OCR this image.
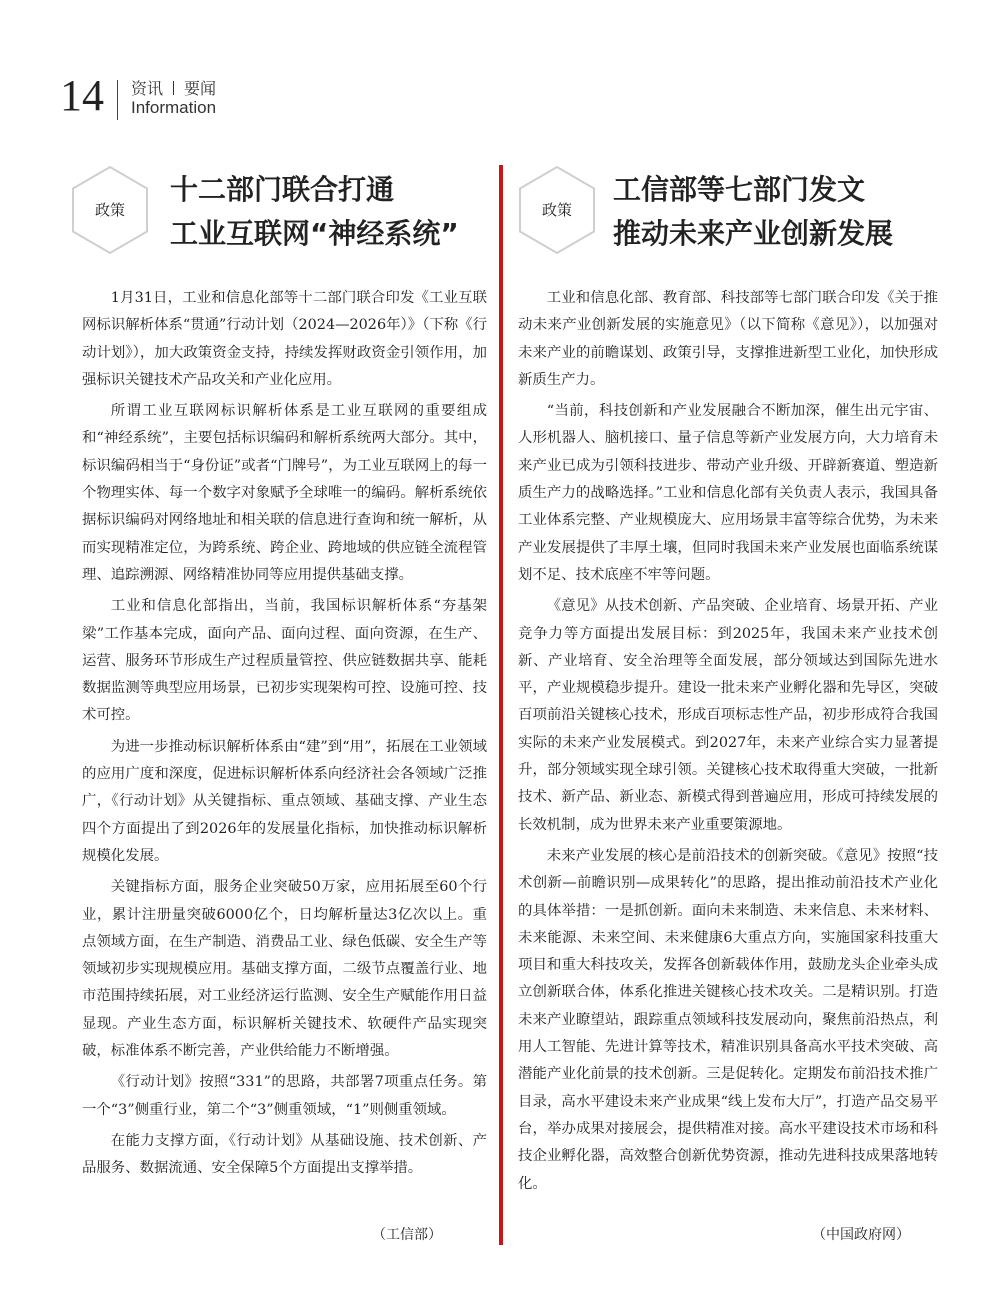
14 资讯 要闻
Information
政策
十二部门联合打通
工业互联网“神经系统”

1月31日，工业和信息化部等十二部门联合印发《工业互联网标识解析体系“贯通”行动计划（2024—2026年）》（下称《行动计划》），加大政策资金支持，持续发挥财政资金引领作用，加强标识关键技术产品攻关和产业化应用。

所谓工业互联网标识解析体系是工业互联网的重要组成和“神经系统”，主要包括标识编码和解析系统两大部分。其中，标识编码相当于“身份证”或者“门牌号”，为工业互联网上的每一个物理实体、每一个数字对象赋予全球唯一的编码。解析系统依据标识编码对网络地址和相关联的信息进行查询和统一解析，从而实现精准定位，为跨系统、跨企业、跨地域的供应链全流程管理、追踪溯源、网络精准协同等应用提供基础支撑。

工业和信息化部指出，当前，我国标识解析体系“夯基架梁”工作基本完成，面向产品、面向过程、面向资源，在生产、运营、服务环节形成生产过程质量管控、供应链数据共享、能耗数据监测等典型应用场景，已初步实现架构可控、设施可控、技术可控。

为进一步推动标识解析体系由“建”到“用”，拓展在工业领域的应用广度和深度，促进标识解析体系向经济社会各领域广泛推广，《行动计划》从关键指标、重点领域、基础支撑、产业生态四个方面提出了到2026年的发展量化指标，加快推动标识解析规模化发展。

关键指标方面，服务企业突破50万家，应用拓展至60个行业，累计注册量突破6000亿个，日均解析量达3亿次以上。重点领域方面，在生产制造、消费品工业、绿色低碳、安全生产等领域初步实现规模应用。基础支撑方面，二级节点覆盖行业、地市范围持续拓展，对工业经济运行监测、安全生产赋能作用日益显现。产业生态方面，标识解析关键技术、软硬件产品实现突破，标准体系不断完善，产业供给能力不断增强。

《行动计划》按照“331”的思路，共部署7项重点任务。第一个“3”侧重行业，第二个“3”侧重领域，“1”则侧重领域。

在能力支撑方面，《行动计划》从基础设施、技术创新、产品服务、数据流通、安全保障5个方面提出支撑举措。

（工信部）
政策
工信部等七部门发文
推动未来产业创新发展

工业和信息化部、教育部、科技部等七部门联合印发《关于推动未来产业创新发展的实施意见》（以下简称《意见》），以加强对未来产业的前瞻谋划、政策引导，支撑推进新型工业化，加快形成新质生产力。

“当前，科技创新和产业发展融合不断加深，催生出元宇宙、人形机器人、脑机接口、量子信息等新产业发展方向，大力培育未来产业已成为引领科技进步、带动产业升级、开辟新赛道、塑造新质生产力的战略选择。”工业和信息化部有关负责人表示，我国具备工业体系完整、产业规模庞大、应用场景丰富等综合优势，为未来产业发展提供了丰厚土壤，但同时我国未来产业发展也面临系统谋划不足、技术底座不牢等问题。

《意见》从技术创新、产品突破、企业培育、场景开拓、产业竞争力等方面提出发展目标：到2025年，我国未来产业技术创新、产业培育、安全治理等全面发展，部分领域达到国际先进水平，产业规模稳步提升。建设一批未来产业孵化器和先导区，突破百项前沿关键核心技术，形成百项标志性产品，初步形成符合我国实际的未来产业发展模式。到2027年，未来产业综合实力显著提升，部分领域实现全球引领。关键核心技术取得重大突破，一批新技术、新产品、新业态、新模式得到普遍应用，形成可持续发展的长效机制，成为世界未来产业重要策源地。

未来产业发展的核心是前沿技术的创新突破。《意见》按照“技术创新—前瞻识别—成果转化”的思路，提出推动前沿技术产业化的具体举措：一是抓创新。面向未来制造、未来信息、未来材料、未来能源、未来空间、未来健康6大重点方向，实施国家科技重大项目和重大科技攻关，发挥各创新载体作用，鼓励龙头企业牵头成立创新联合体，体系化推进关键核心技术攻关。二是精识别。打造未来产业瞭望站，跟踪重点领域科技发展动向，聚焦前沿热点，利用人工智能、先进计算等技术，精准识别具备高水平技术突破、高潜能产业化前景的技术创新。三是促转化。定期发布前沿技术推广目录，高水平建设未来产业成果“线上发布大厅”，打造产品交易平台，举办成果对接展会，提供精准对接。高水平建设技术市场和科技企业孵化器，高效整合创新优势资源，推动先进科技成果落地转化。

（中国政府网）
